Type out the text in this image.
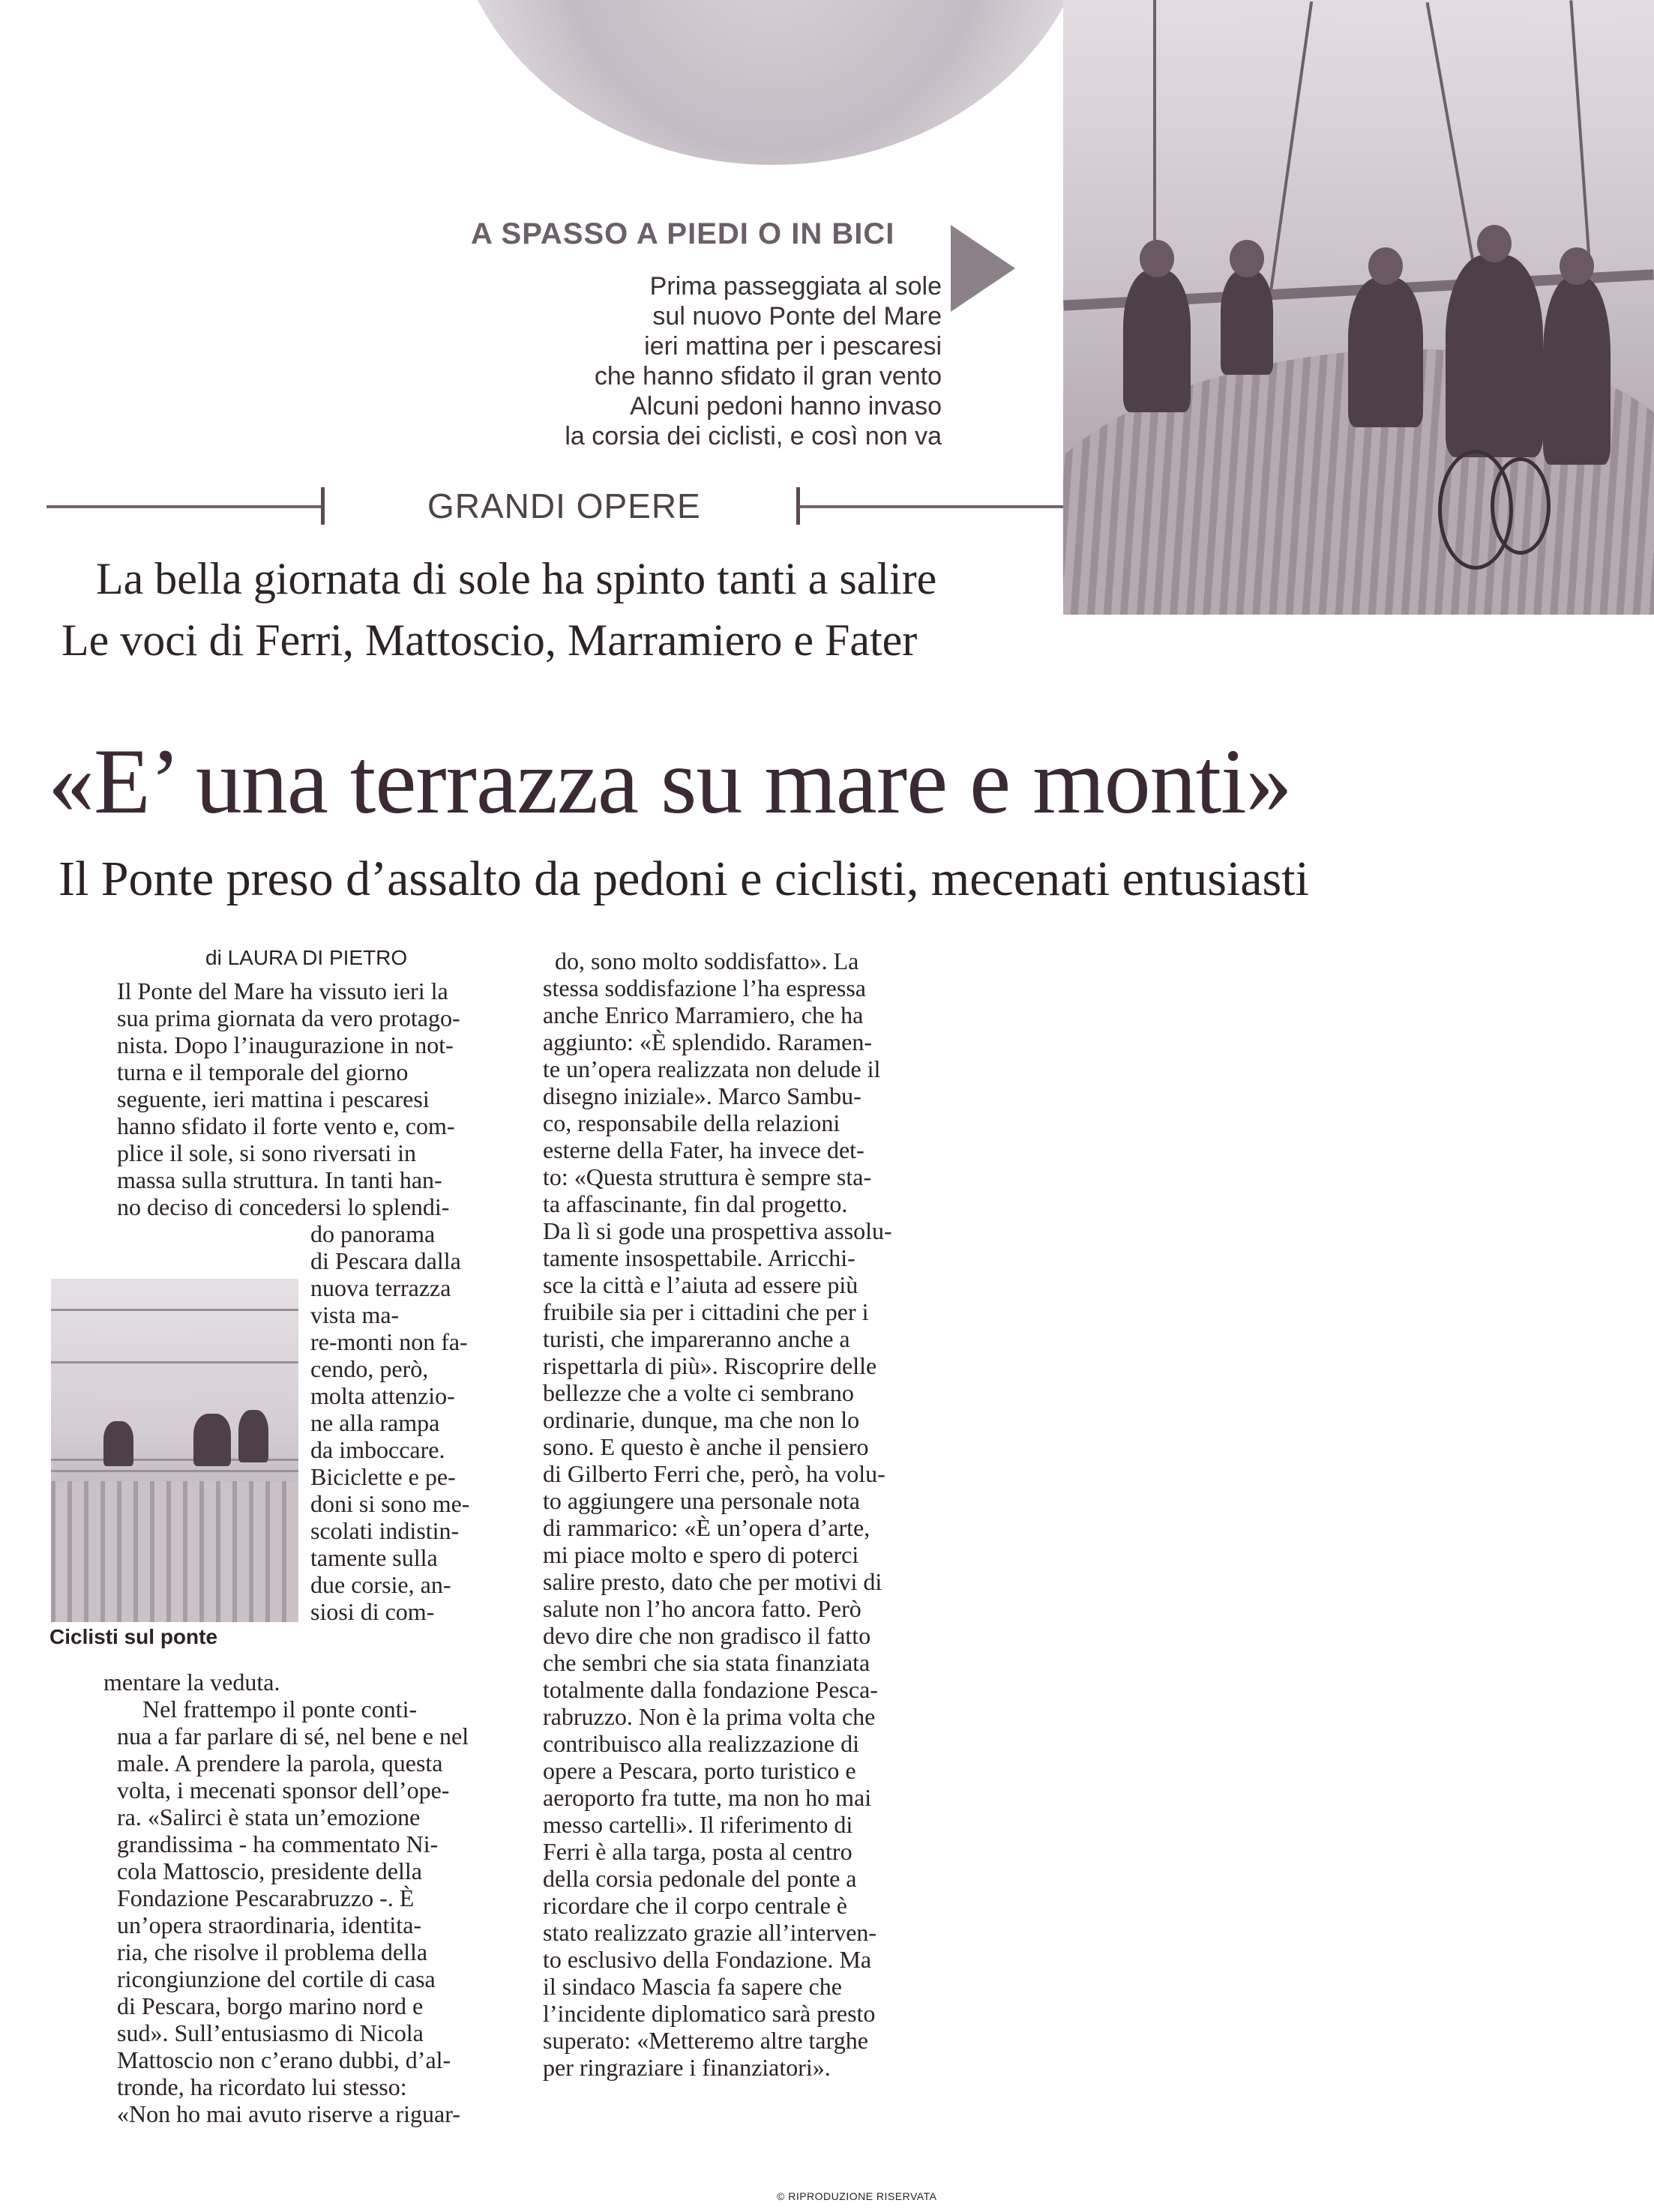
A SPASSO A PIEDI O IN BICI
Prima passeggiata al sole
sul nuovo Ponte del Mare
ieri mattina per i pescaresi
che hanno sfidato il gran vento
Alcuni pedoni hanno invaso
la corsia dei ciclisti, e così non va
GRANDI OPERE
La bella giornata di sole ha spinto tanti a salire
Le voci di Ferri, Mattoscio, Marramiero e Fater
«E’ una terrazza su mare e monti»
Il Ponte preso d’assalto da pedoni e ciclisti, mecenati entusiasti
di LAURA DI PIETRO
Il Ponte del Mare ha vissuto ieri la
sua prima giornata da vero protago-
nista. Dopo l’inaugurazione in not-
turna e il temporale del giorno
seguente, ieri mattina i pescaresi
hanno sfidato il forte vento e, com-
plice il sole, si sono riversati in
massa sulla struttura. In tanti han-
no deciso di concedersi lo splendi-
Ciclisti sul ponte
do panorama
di Pescara dalla
nuova terrazza
vista ma-
re-monti non fa-
cendo, però,
molta attenzio-
ne alla rampa
da imboccare.
Biciclette e pe-
doni si sono me-
scolati indistin-
tamente sulla
due corsie, an-
siosi di com-
mentare la veduta.
Nel frattempo il ponte conti-
nua a far parlare di sé, nel bene e nel
male. A prendere la parola, questa
volta, i mecenati sponsor dell’ope-
ra. «Salirci è stata un’emozione
grandissima - ha commentato Ni-
cola Mattoscio, presidente della
Fondazione Pescarabruzzo -. È
un’opera straordinaria, identita-
ria, che risolve il problema della
ricongiunzione del cortile di casa
di Pescara, borgo marino nord e
sud». Sull’entusiasmo di Nicola
Mattoscio non c’erano dubbi, d’al-
tronde, ha ricordato lui stesso:
«Non ho mai avuto riserve a riguar-
do, sono molto soddisfatto». La
stessa soddisfazione l’ha espressa
anche Enrico Marramiero, che ha
aggiunto: «È splendido. Raramen-
te un’opera realizzata non delude il
disegno iniziale». Marco Sambu-
co, responsabile della relazioni
esterne della Fater, ha invece det-
to: «Questa struttura è sempre sta-
ta affascinante, fin dal progetto.
Da lì si gode una prospettiva assolu-
tamente insospettabile. Arricchi-
sce la città e l’aiuta ad essere più
fruibile sia per i cittadini che per i
turisti, che impareranno anche a
rispettarla di più». Riscoprire delle
bellezze che a volte ci sembrano
ordinarie, dunque, ma che non lo
sono. E questo è anche il pensiero
di Gilberto Ferri che, però, ha volu-
to aggiungere una personale nota
di rammarico: «È un’opera d’arte,
mi piace molto e spero di poterci
salire presto, dato che per motivi di
salute non l’ho ancora fatto. Però
devo dire che non gradisco il fatto
che sembri che sia stata finanziata
totalmente dalla fondazione Pesca-
rabruzzo. Non è la prima volta che
contribuisco alla realizzazione di
opere a Pescara, porto turistico e
aeroporto fra tutte, ma non ho mai
messo cartelli». Il riferimento di
Ferri è alla targa, posta al centro
della corsia pedonale del ponte a
ricordare che il corpo centrale è
stato realizzato grazie all’interven-
to esclusivo della Fondazione. Ma
il sindaco Mascia fa sapere che
l’incidente diplomatico sarà presto
superato: «Metteremo altre targhe
per ringraziare i finanziatori».
© RIPRODUZIONE RISERVATA
